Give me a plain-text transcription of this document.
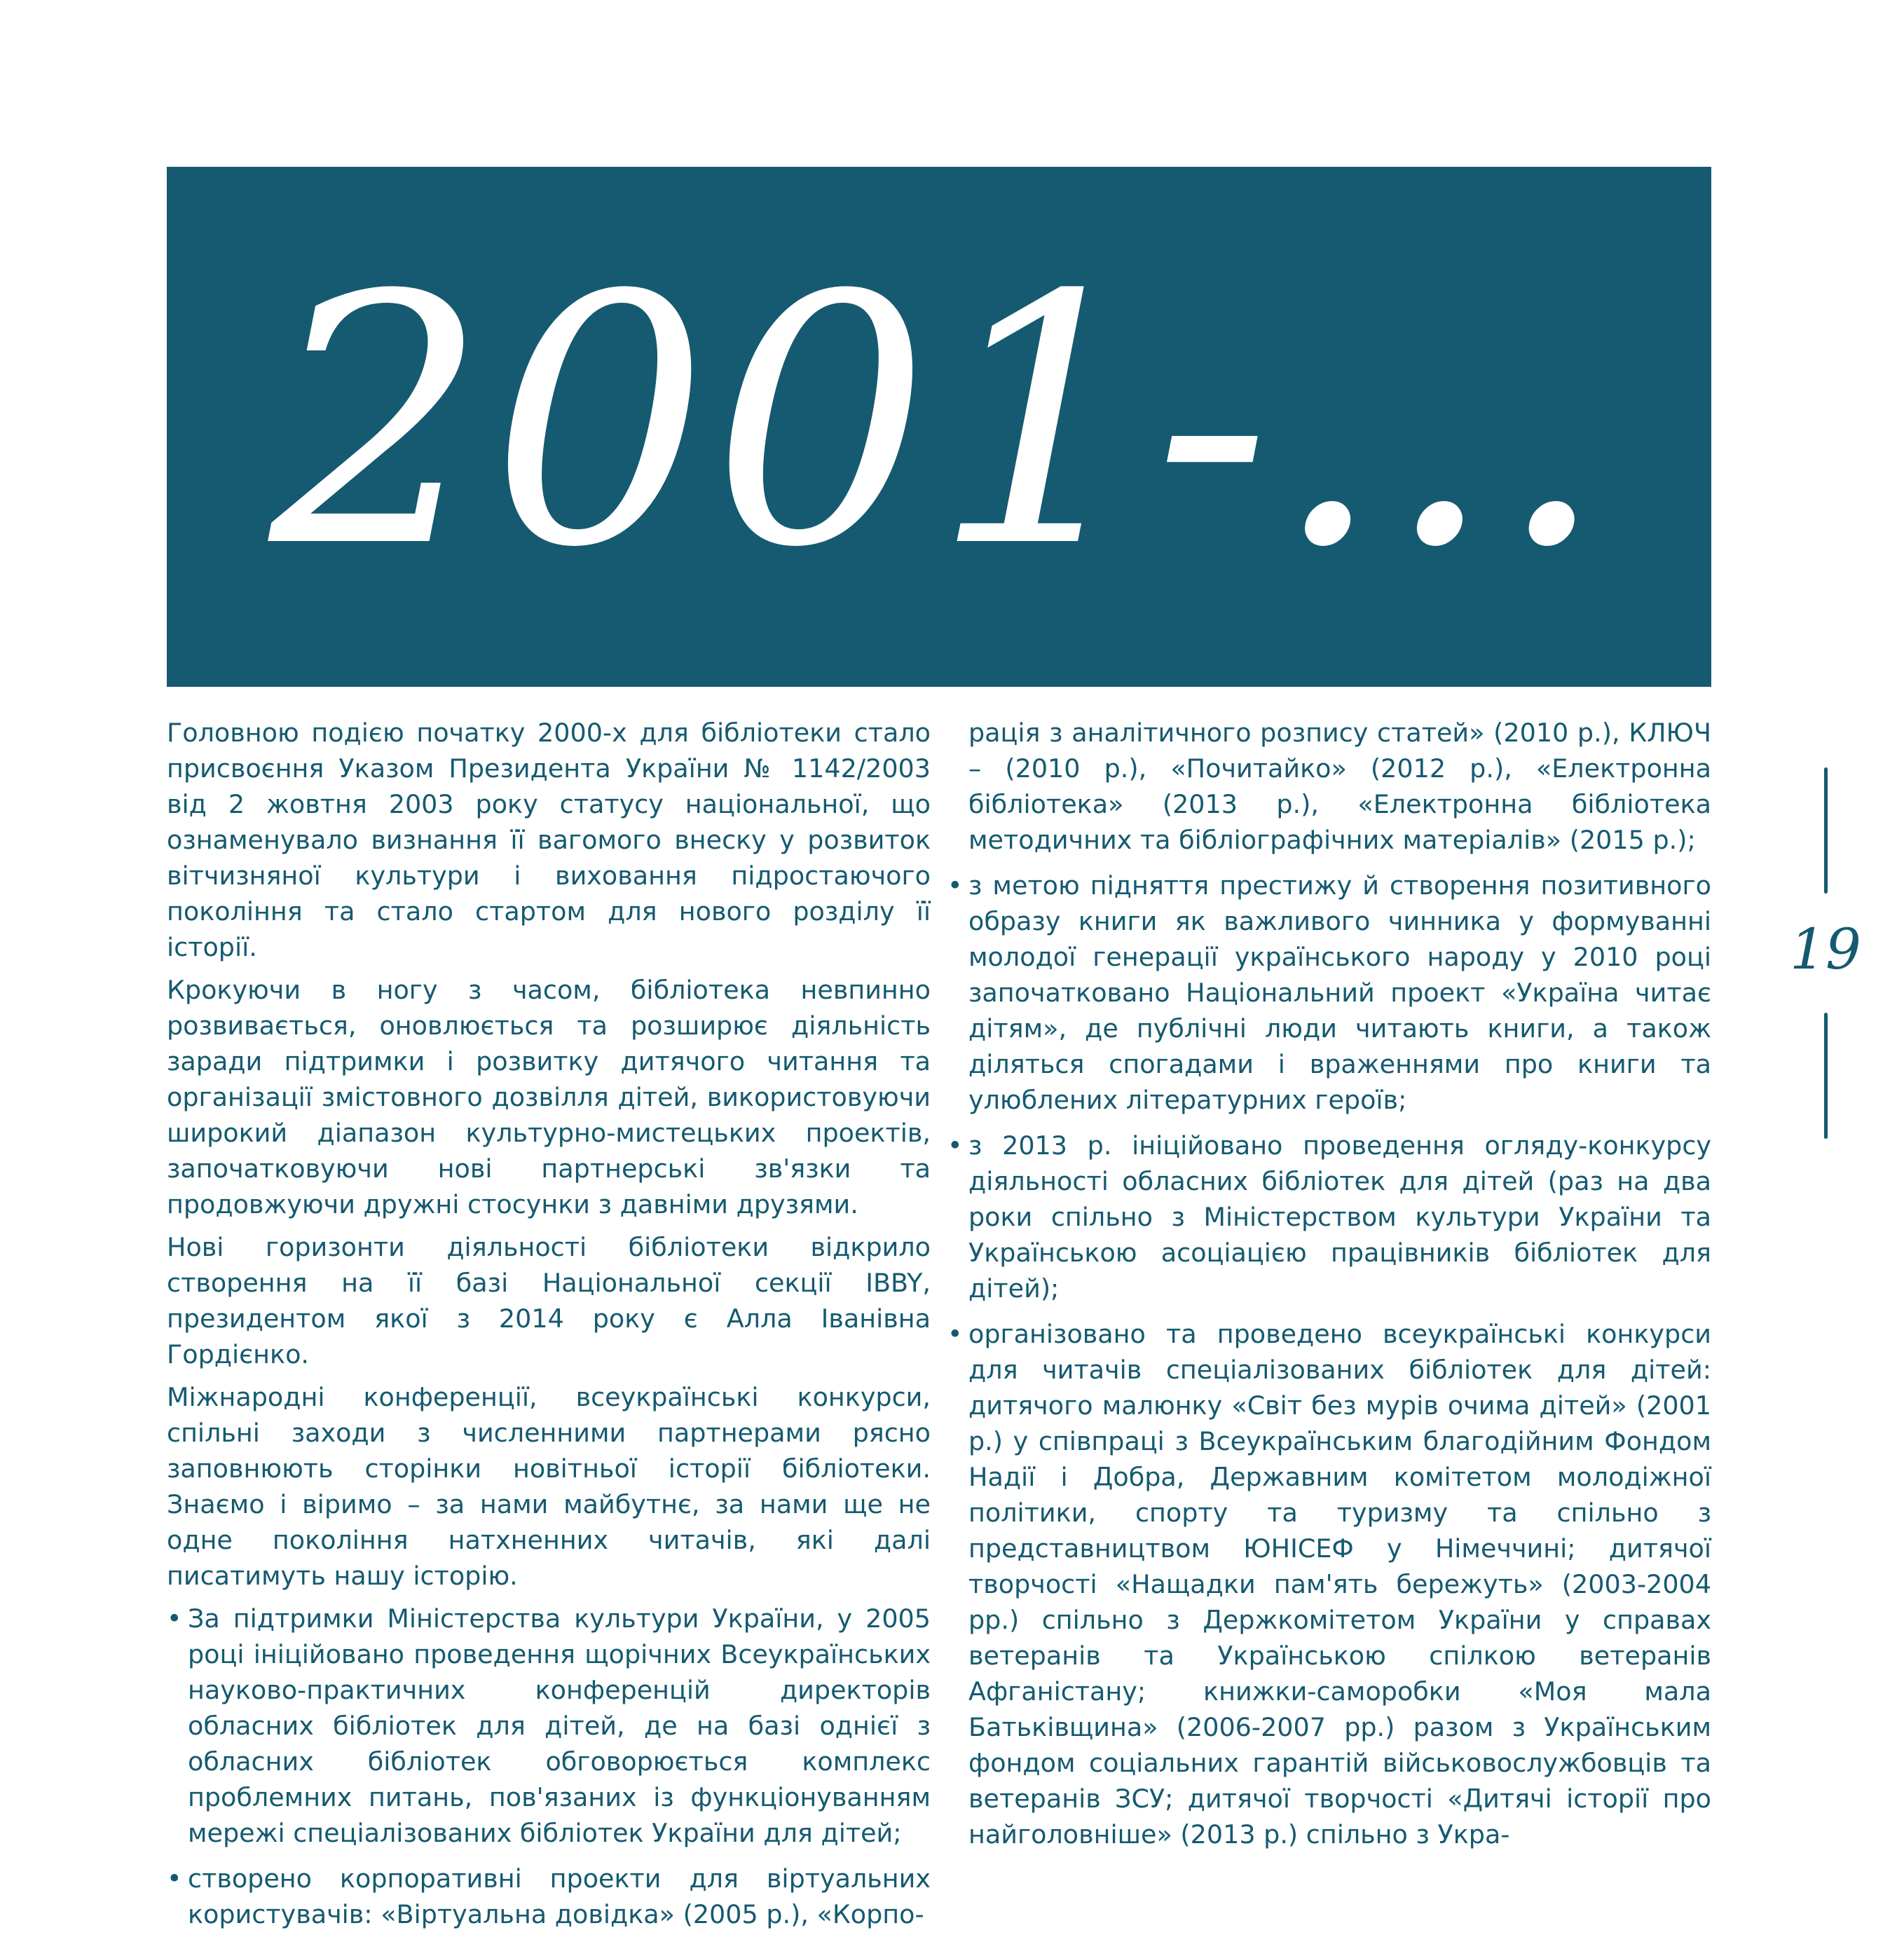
2001-...

Головною подією початку 2000-х для бібліотеки стало присвоєння Указом Президента України № 1142/2003 від 2 жовтня 2003 року статусу національної, що ознаменувало визнання її вагомого внеску у розвиток вітчизняної культури і виховання підростаючого покоління та стало стартом для нового розділу її історії.

Крокуючи в ногу з часом, бібліотека невпинно розвивається, оновлюється та розширює діяльність заради підтримки і розвитку дитячого читання та організації змістовного дозвілля дітей, використовуючи широкий діапазон культурно-мистецьких проектів, започатковуючи нові партнерські зв'язки та продовжуючи дружні стосунки з давніми друзями.

Нові горизонти діяльності бібліотеки відкрило створення на її базі Національної секції IBBY, президентом якої з 2014 року є Алла Іванівна Гордієнко.

Міжнародні конференції, всеукраїнські конкурси, спільні заходи з численними партнерами рясно заповнюють сторінки новітньої історії бібліотеки. Знаємо і віримо – за нами майбутнє, за нами ще не одне покоління натхненних читачів, які далі писатимуть нашу історію.

• За підтримки Міністерства культури України, у 2005 році ініційовано проведення щорічних Всеукраїнських науково-практичних конференцій директорів обласних бібліотек для дітей, де на базі однієї з обласних бібліотек обговорюється комплекс проблемних питань, пов'язаних із функціонуванням мережі спеціалізованих бібліотек України для дітей;
• створено корпоративні проекти для віртуальних користувачів: «Віртуальна довідка» (2005 р.), «Корпо-
рація з аналітичного розпису статей» (2010 р.), КЛЮЧ – (2010 р.), «Почитайко» (2012 р.), «Електронна бібліотека» (2013 р.), «Електронна бібліотека методичних та бібліографічних матеріалів» (2015 р.);
• з метою підняття престижу й створення позитивного образу книги як важливого чинника у формуванні молодої генерації українського народу у 2010 році започатковано Національний проект «Україна читає дітям», де публічні люди читають книги, а також діляться спогадами і враженнями про книги та улюблених літературних героїв;
• з 2013 р. ініційовано проведення огляду-конкурсу діяльності обласних бібліотек для дітей (раз на два роки спільно з Міністерством культури України та Українською асоціацією працівників бібліотек для дітей);
• організовано та проведено всеукраїнські конкурси для читачів спеціалізованих бібліотек для дітей: дитячого малюнку «Світ без мурів очима дітей» (2001 р.) у співпраці з Всеукраїнським благодійним Фондом Надії і Добра, Державним комітетом молодіжної політики, спорту та туризму та спільно з представництвом ЮНІСЕФ у Німеччині; дитячої творчості «Нащадки пам'ять бережуть» (2003-2004 рр.) спільно з Держкомітетом України у справах ветеранів та Українською спілкою ветеранів Афганістану; книжки-саморобки «Моя мала Батьківщина» (2006-2007 рр.) разом з Українським фондом соціальних гарантій військовослужбовців та ветеранів ЗСУ; дитячої творчості «Дитячі історії про найголовніше» (2013 р.) спільно з Укра-
19
